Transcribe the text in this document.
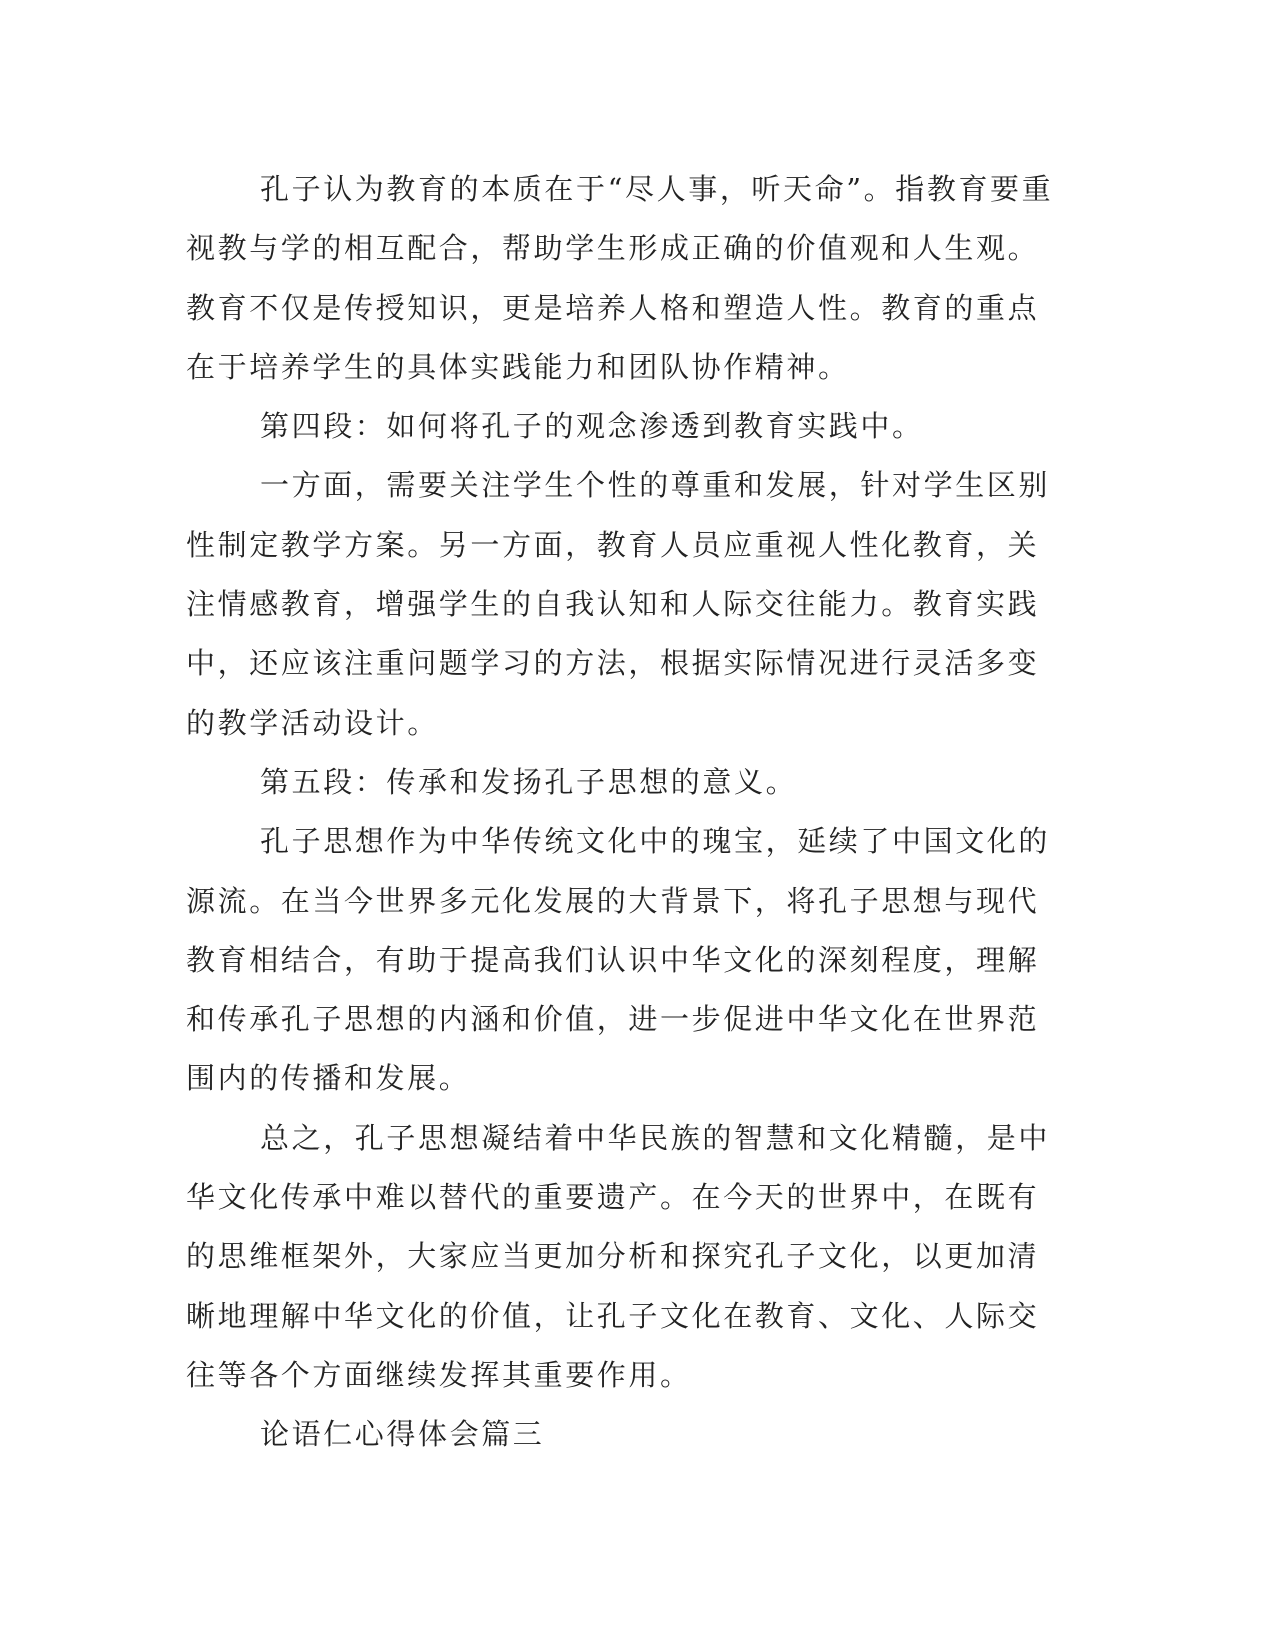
孔子认为教育的本质在于“尽人事，听天命”。指教育要重视教与学的相互配合，帮助学生形成正确的价值观和人生观。教育不仅是传授知识，更是培养人格和塑造人性。教育的重点在于培养学生的具体实践能力和团队协作精神。

第四段：如何将孔子的观念渗透到教育实践中。

一方面，需要关注学生个性的尊重和发展，针对学生区别性制定教学方案。另一方面，教育人员应重视人性化教育，关注情感教育，增强学生的自我认知和人际交往能力。教育实践中，还应该注重问题学习的方法，根据实际情况进行灵活多变的教学活动设计。

第五段：传承和发扬孔子思想的意义。

孔子思想作为中华传统文化中的瑰宝，延续了中国文化的源流。在当今世界多元化发展的大背景下，将孔子思想与现代教育相结合，有助于提高我们认识中华文化的深刻程度，理解和传承孔子思想的内涵和价值，进一步促进中华文化在世界范围内的传播和发展。

总之，孔子思想凝结着中华民族的智慧和文化精髓，是中华文化传承中难以替代的重要遗产。在今天的世界中，在既有的思维框架外，大家应当更加分析和探究孔子文化，以更加清晰地理解中华文化的价值，让孔子文化在教育、文化、人际交往等各个方面继续发挥其重要作用。

论语仁心得体会篇三
